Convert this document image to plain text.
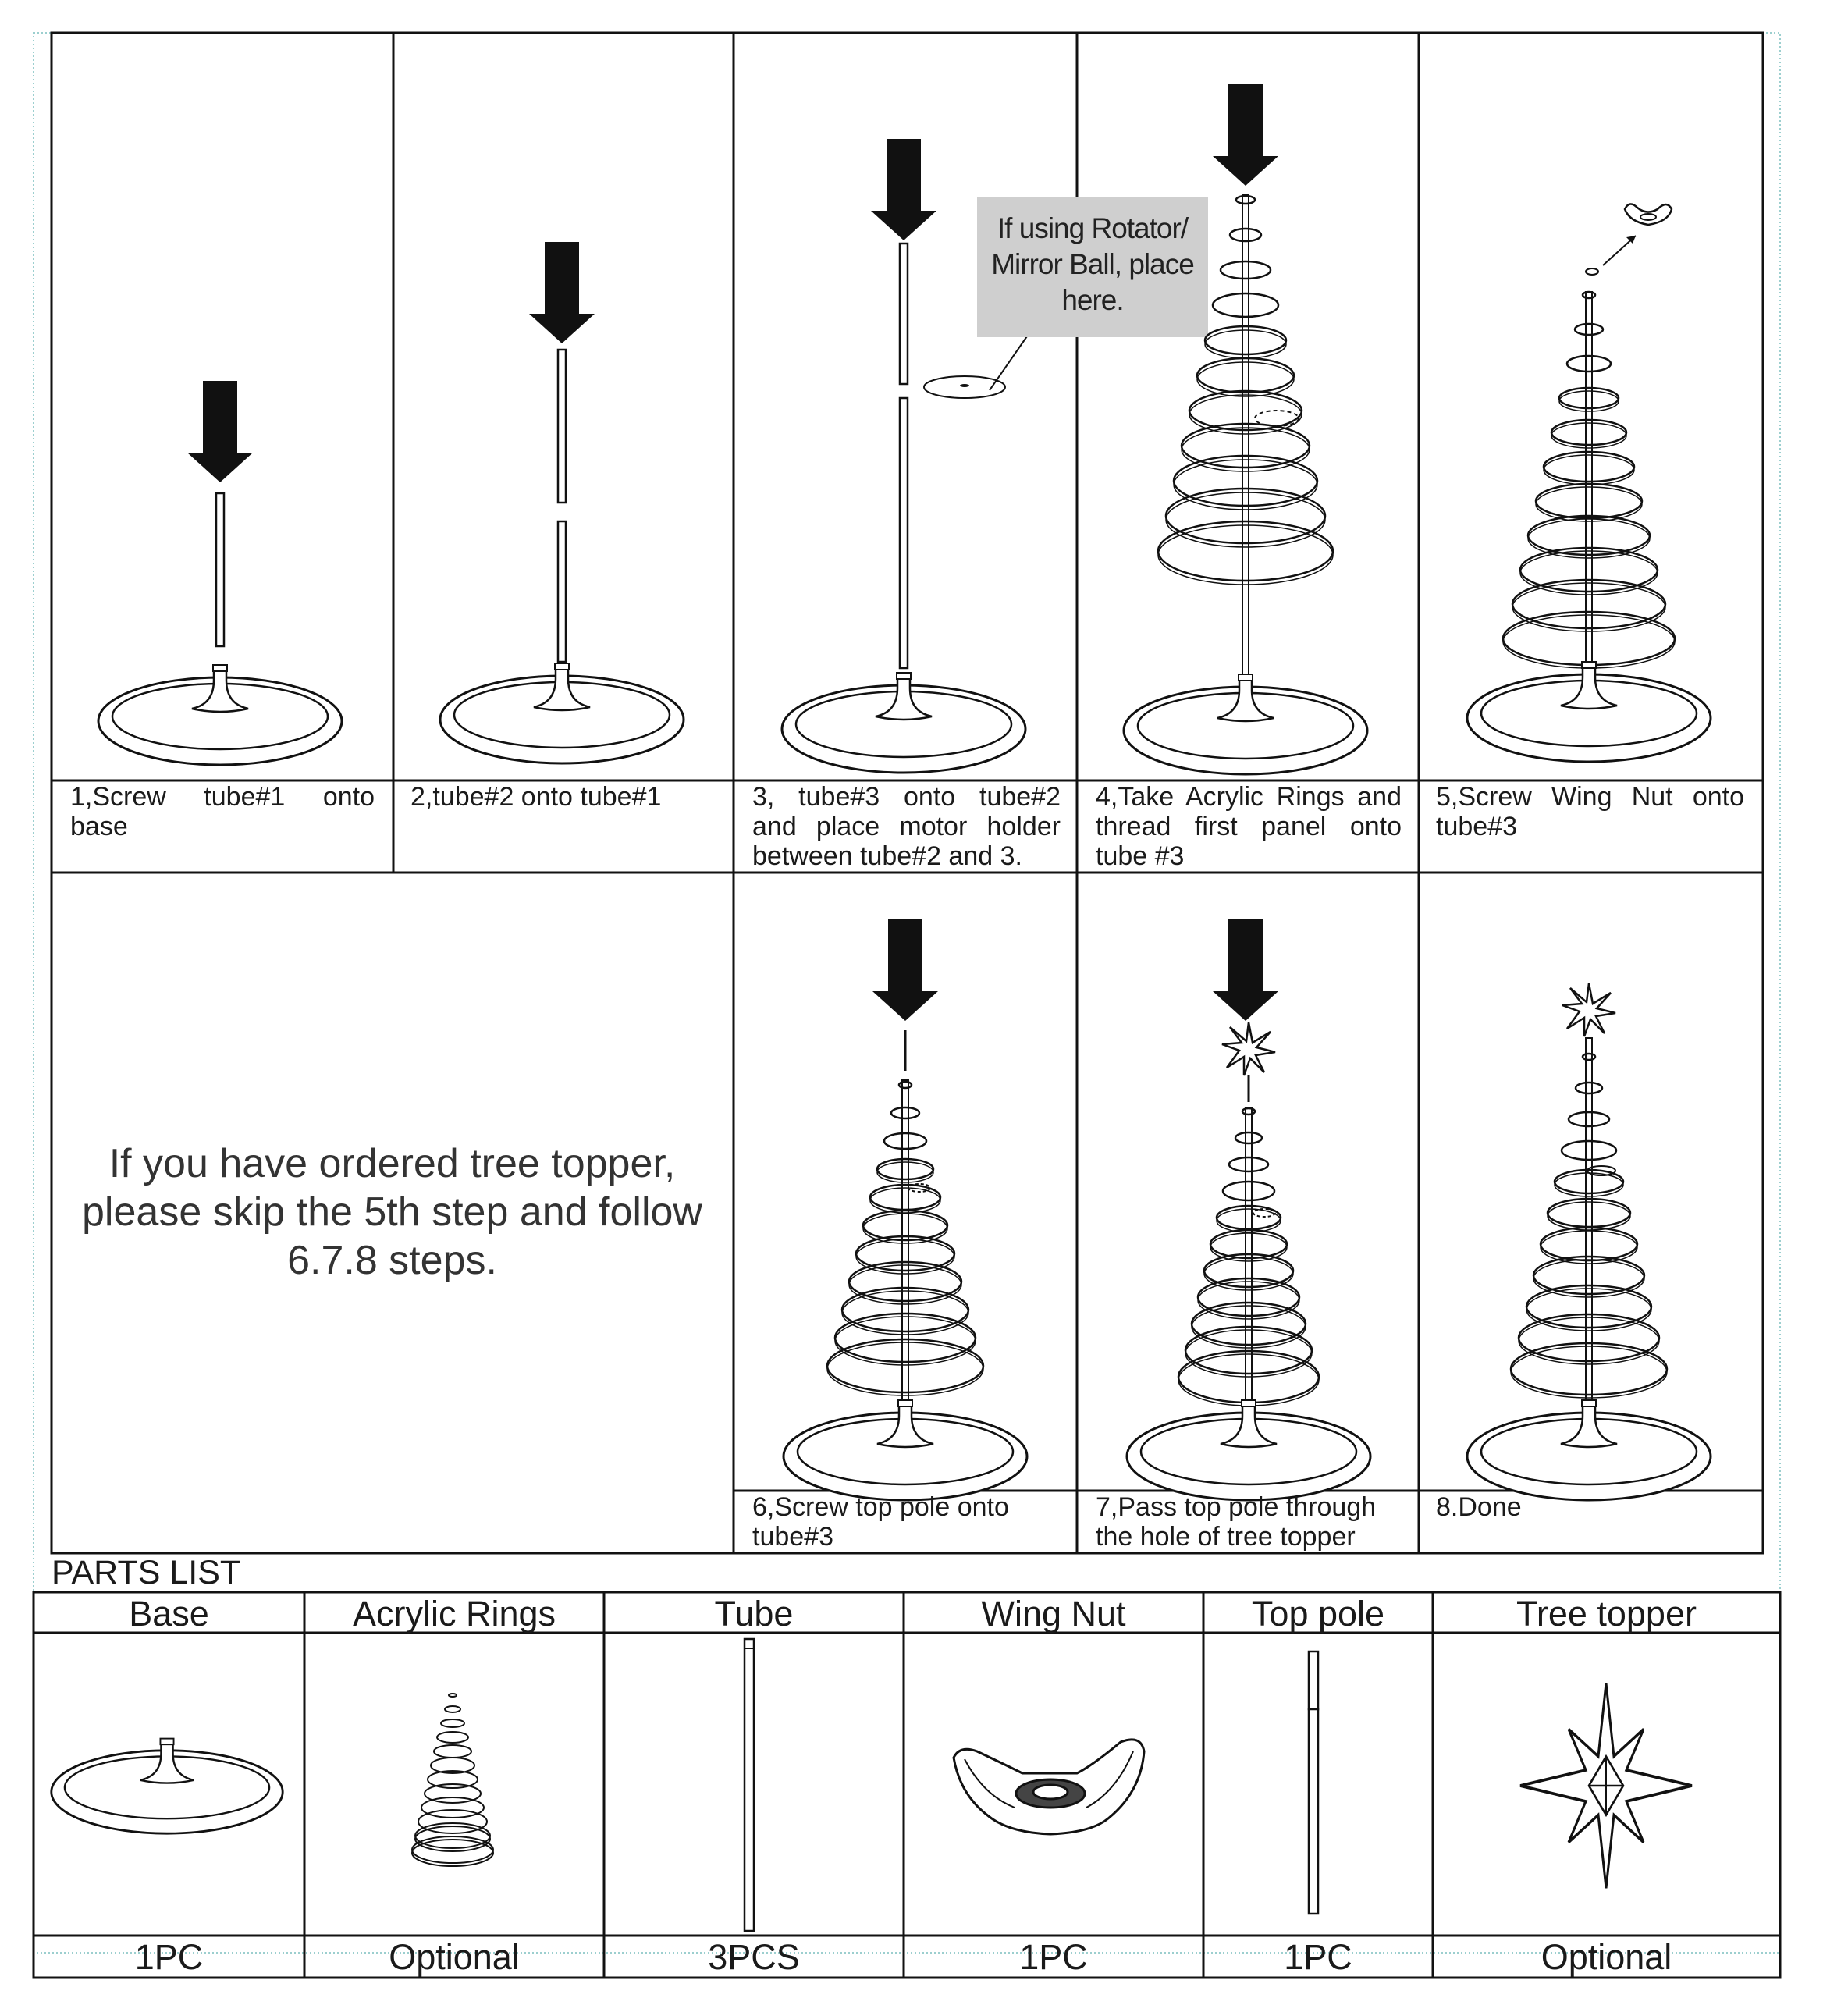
1,Screw tube#1 onto base
2,tube#2 onto tube#1	3, tube#3 onto tube#2 and place motor holder between tube#2 and 3.
4,Take Acrylic Rings and thread first panel onto tube #3
5,Screw Wing Nut onto tube#3
6,Screw top pole onto tube#3
7,Pass top pole through the hole of tree topper
8.Done
If using Rotator/ Mirror Ball, place here.
If you have ordered tree topper, please skip the 5th step and follow 6.7.8 steps.
PARTS LIST
Base	Acrylic Rings	Tube	Wing Nut	Top pole	Tree topper
1PC	Optional	3PCS	1PC	1PC	Optional
